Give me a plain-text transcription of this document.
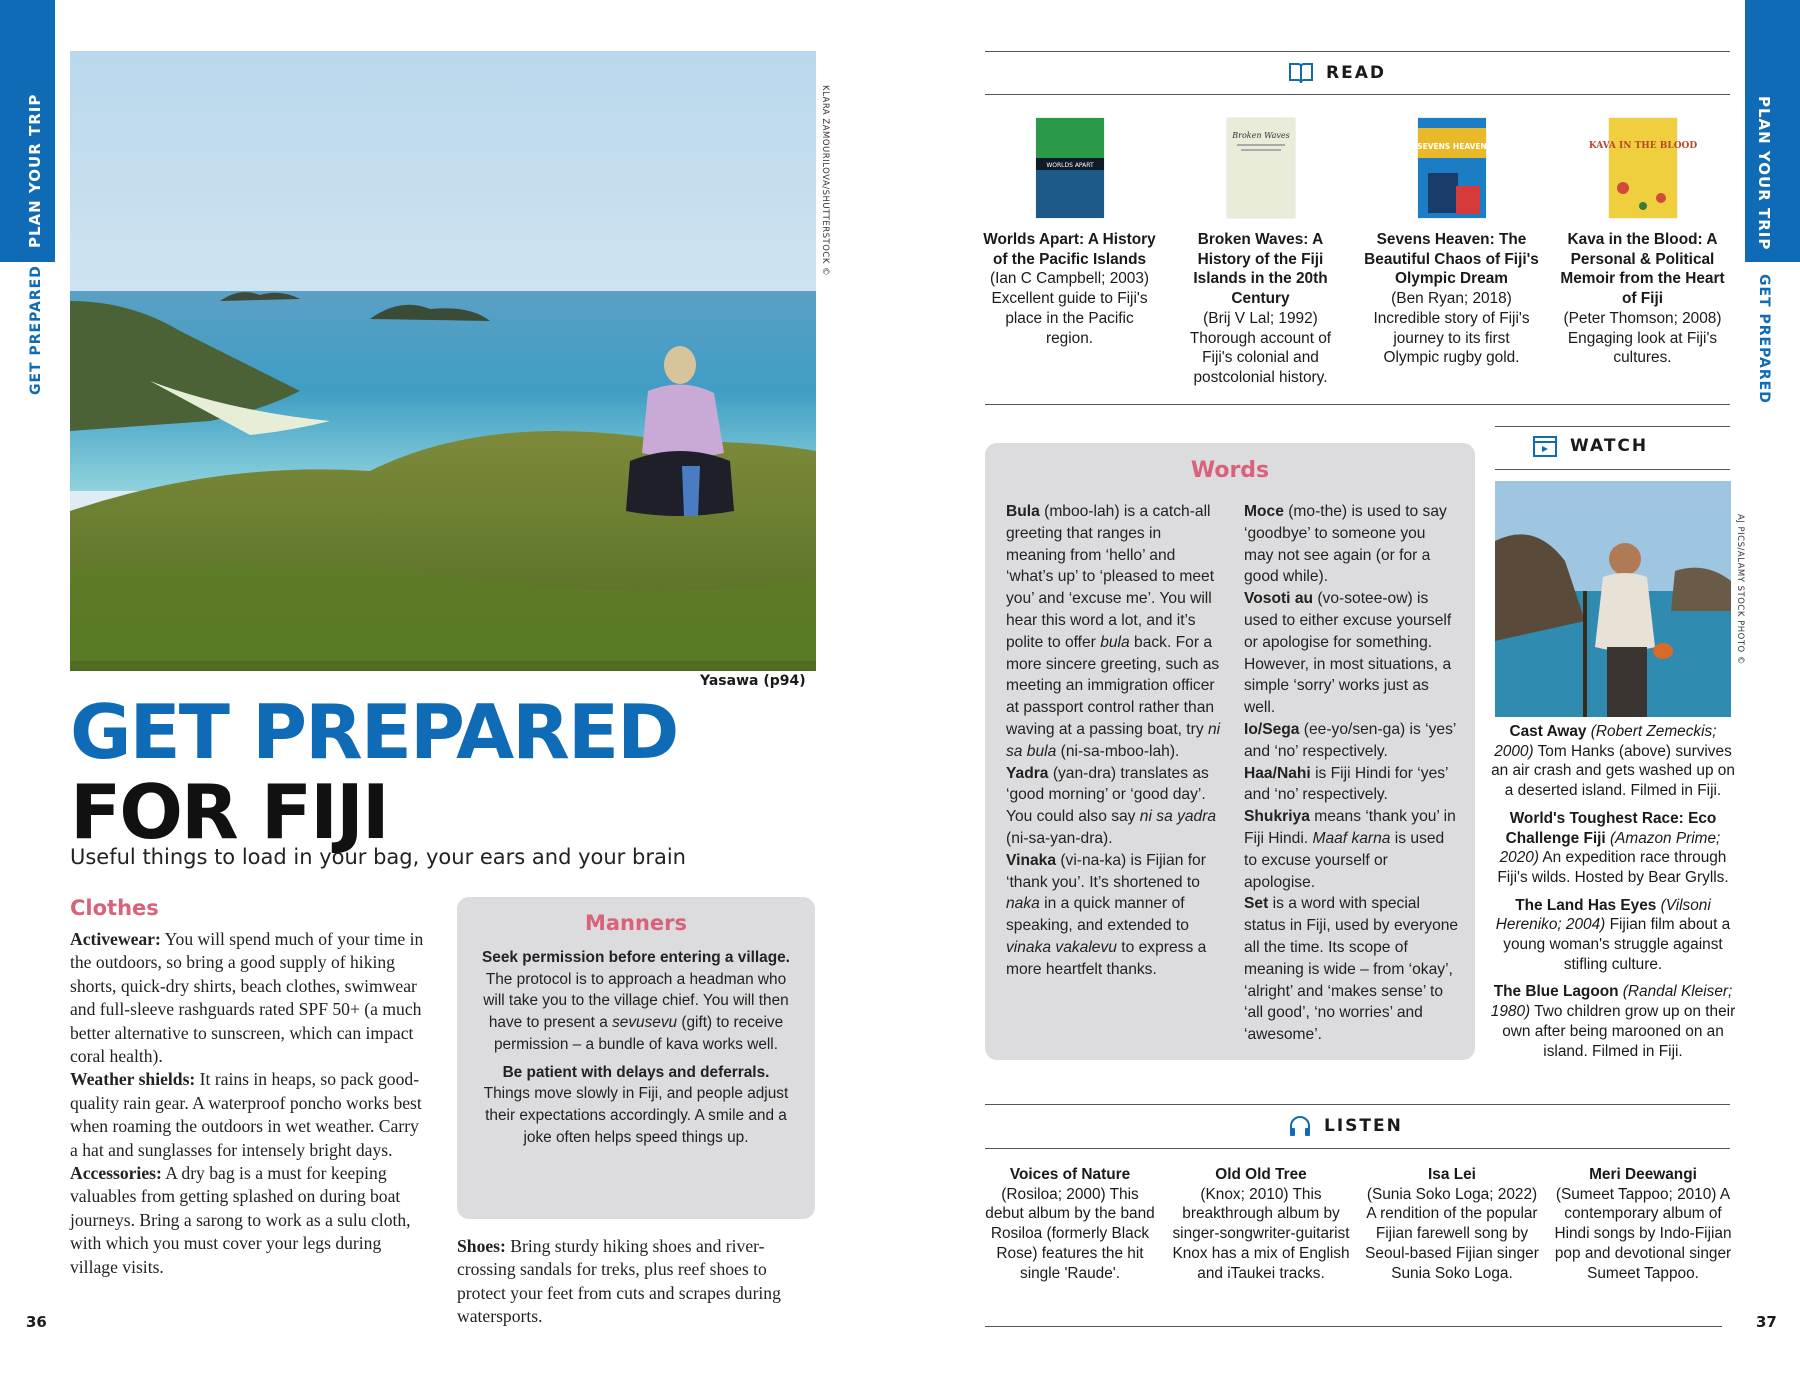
PLAN YOUR TRIP
GET PREPARED
PLAN YOUR TRIP
GET PREPARED
KLARA ZAMOURILOVA/SHUTTERSTOCK ©
Yasawa (p94)
GET PREPARED
FOR FIJI
Useful things to load in your bag, your ears and your brain
Clothes
Activewear: You will spend much of your time in the outdoors, so bring a good supply of hiking shorts, quick-dry shirts, beach clothes, swimwear and full-sleeve rashguards rated SPF 50+ (a much better alternative to sunscreen, which can impact coral health).
Weather shields: It rains in heaps, so pack good-quality rain gear. A waterproof poncho works best when roaming the outdoors in wet weather. Carry a hat and sunglasses for intensely bright days.
Accessories: A dry bag is a must for keeping valuables from getting splashed on during boat journeys. Bring a sarong to work as a sulu cloth, with which you must cover your legs during village visits.
Manners

Seek permission before entering a village.
The protocol is to approach a headman who will take you to the village chief. You will then have to present a sevusevu (gift) to receive permission – a bundle of kava works well.

Be patient with delays and deferrals.
Things move slowly in Fiji, and people adjust their expectations accordingly. A smile and a joke often helps speed things up.

Shoes: Bring sturdy hiking shoes and river-crossing sandals for treks, plus reef shoes to protect your feet from cuts and scrapes during watersports.
36
READ
WORLDS APART
Worlds Apart: A History of the Pacific Islands
(Ian C Campbell; 2003)
Excellent guide to Fiji's place in the Pacific region.
Broken Waves
Broken Waves: A History of the Fiji Islands in the 20th Century
(Brij V Lal; 1992)
Thorough account of Fiji's colonial and postcolonial history.
SEVENS HEAVEN
Sevens Heaven: The Beautiful Chaos of Fiji's Olympic Dream
(Ben Ryan; 2018)
Incredible story of Fiji's journey to its first Olympic rugby gold.
KAVA IN THE BLOOD
Kava in the Blood: A Personal & Political Memoir from the Heart of Fiji
(Peter Thomson; 2008)
Engaging look at Fiji's cultures.
Words
Bula (mboo-lah) is a catch-all greeting that ranges in meaning from ‘hello’ and ‘what’s up’ to ‘pleased to meet you’ and ‘excuse me’. You will hear this word a lot, and it’s polite to offer bula back. For a more sincere greeting, such as meeting an immigration officer at passport control rather than waving at a passing boat, try ni sa bula (ni-sa-mboo-lah).
Yadra (yan-dra) translates as ‘good morning’ or ‘good day’. You could also say ni sa yadra (ni-sa-yan-dra).
Vinaka (vi-na-ka) is Fijian for ‘thank you’. It’s shortened to naka in a quick manner of speaking, and extended to vinaka vakalevu to express a more heartfelt thanks.
Moce (mo-the) is used to say ‘goodbye’ to someone you may not see again (or for a good while).
Vosoti au (vo-sotee-ow) is used to either excuse yourself or apologise for something. However, in most situations, a simple ‘sorry’ works just as well.
Io/Sega (ee-yo/sen-ga) is ‘yes’ and ‘no’ respectively.
Haa/Nahi is Fiji Hindi for ‘yes’ and ‘no’ respectively.
Shukriya means ‘thank you’ in Fiji Hindi. Maaf karna is used to excuse yourself or apologise.
Set is a word with special status in Fiji, used by everyone all the time. Its scope of meaning is wide – from ‘okay’, ‘alright’ and ‘makes sense’ to ‘all good’, ‘no worries’ and ‘awesome’.
WATCH
AJ PICS/ALAMY STOCK PHOTO ©
Cast Away (Robert Zemeckis; 2000) Tom Hanks (above) survives an air crash and gets washed up on a deserted island. Filmed in Fiji.
World's Toughest Race: Eco Challenge Fiji (Amazon Prime; 2020) An expedition race through Fiji's wilds. Hosted by Bear Grylls.
The Land Has Eyes (Vilsoni Hereniko; 2004) Fijian film about a young woman's struggle against stifling culture.
The Blue Lagoon (Randal Kleiser; 1980) Two children grow up on their own after being marooned on an island. Filmed in Fiji.
LISTEN
Voices of Nature
(Rosiloa; 2000) This debut album by the band Rosiloa (formerly Black Rose) features the hit single 'Raude'.
Old Old Tree
(Knox; 2010) This breakthrough album by singer-songwriter-guitarist Knox has a mix of English and iTaukei tracks.
Isa Lei
(Sunia Soko Loga; 2022) A rendition of the popular Fijian farewell song by Seoul-based Fijian singer Sunia Soko Loga.
Meri Deewangi
(Sumeet Tappoo; 2010) A contemporary album of Hindi songs by Indo-Fijian pop and devotional singer Sumeet Tappoo.
37
